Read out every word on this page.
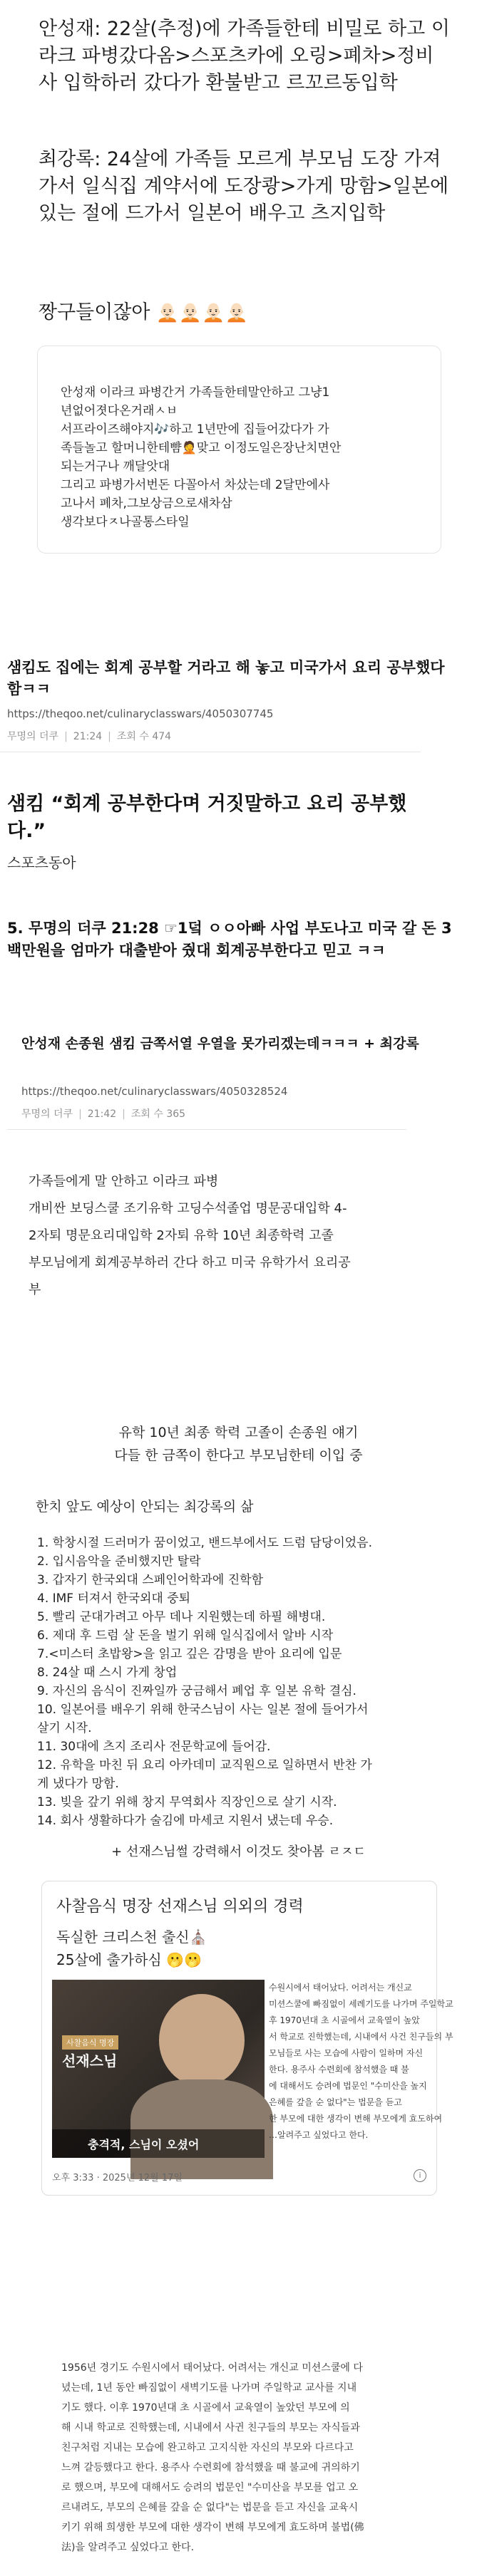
안성재: 22살(추정)에 가족들한테 비밀로 하고 이라크 파병갔다옴>스포츠카에 오링>폐차>정비사 입학하러 갔다가 환불받고 르꼬르동입학
최강록: 24살에 가족들 모르게 부모님 도장 가져가서 일식집 계약서에 도장쾅>가게 망함>일본에 있는 절에 드가서 일본어 배우고 츠지입학
짱구들이잖아 🧑🏻‍🦲🧑🏻‍🦲🧑🏻‍🦲🧑🏻‍🦲
안성재 이라크 파병간거 가족들한테말안하고 그냥1
년없어졋다온거래ㅅㅂ
서프라이즈해야지🎶하고 1년만에 집들어갔다가 가
족들놀고 할머니한테뺨🤦맞고 이정도일은장난치면안
되는거구나 깨달앗대
그리고 파병가서번돈 다꼴아서 차샀는데 2달만에사
고나서 폐차,그보상금으로새차삼
생각보다ㅈ나골통스타일
샘킴도 집에는 회계 공부할 거라고 해 놓고 미국가서 요리 공부했다 함ㅋㅋ
https://theqoo.net/culinaryclasswars/4050307745
무명의 더쿠 | 21:24 | 조회 수 474
샘킴 “회계 공부한다며 거짓말하고 요리 공부했다.”
스포츠동아
5. 무명의 더쿠 21:28 ☞1덬 ㅇㅇ아빠 사업 부도나고 미국 갈 돈 3백만원을 엄마가 대출받아 줬대 회계공부한다고 믿고 ㅋㅋ
안성재 손종원 샘킴 금쪽서열 우열을 못가리겠는데ㅋㅋㅋ + 최강록
https://theqoo.net/culinaryclasswars/4050328524
무명의 더쿠 | 21:42 | 조회 수 365
가족들에게 말 안하고 이라크 파병
개비싼 보딩스쿨 조기유학 고딩수석졸업 명문공대입학 4-
2자퇴 명문요리대입학 2자퇴 유학 10년 최종학력 고졸
부모님에게 회계공부하러 간다 하고 미국 유학가서 요리공
부
유학 10년 최종 학력 고졸이 손종원 얘기
다들 한 금쪽이 한다고 부모님한테 이입 중
한치 앞도 예상이 안되는 최강록의 삶
1. 학창시절 드러머가 꿈이었고, 밴드부에서도 드럼 담당이었음.
2. 입시음악을 준비했지만 탈락
3. 갑자기 한국외대 스페인어학과에 진학함
4. IMF 터져서 한국외대 중퇴
5. 빨리 군대가려고 아무 데나 지원했는데 하필 해병대.
6. 제대 후 드럼 살 돈을 벌기 위해 일식집에서 알바 시작
7.<미스터 초밥왕>을 읽고 깊은 감명을 받아 요리에 입문
8. 24살 때 스시 가게 창업
9. 자신의 음식이 진짜일까 궁금해서 폐업 후 일본 유학 결심.
10. 일본어를 배우기 위해 한국스님이 사는 일본 절에 들어가서
살기 시작.
11. 30대에 츠지 조리사 전문학교에 들어감.
12. 유학을 마친 뒤 요리 아카데미 교직원으로 일하면서 반찬 가
게 냈다가 망함.
13. 빚을 갚기 위해 창지 무역회사 직장인으로 살기 시작.
14. 회사 생활하다가 술김에 마세코 지원서 냈는데 우승.
+ 선재스님썰 강력해서 이것도 찾아봄 ㄹㅈㄷ
사찰음식 명장 선재스님 의외의 경력
독실한 크리스천 출신⛪
25살에 출가하심 🫢🫢
사찰음식 명장
선재스님
충격적, 스님이 오셨어
수원시에서 태어났다. 어려서는 개신교
미션스쿨에 빠짐없이 세례기도를 나가며 주일학교
후 1970년대 초 시골에서 교육열이 높았
서 학교로 진학했는데, 시내에서 사건 친구들의 부
모님들로 사는 모습에 사람이 일하며 자신
한다. 용주사 수련회에 참석했을 때 불
에 대해서도 승려에 법문인 "수미산을 높지
은혜를 갚을 순 없다"는 법문을 듣고
한 부모에 대한 생각이 변해 부모에게 효도하여
…알려주고 싶었다고 한다.
오후 3:33 · 2025년 12월 17일	i
1956년 경기도 수원시에서 태어났다. 어려서는 개신교 미션스쿨에 다
녔는데, 1년 동안 빠짐없이 새벽기도를 나가며 주일학교 교사를 지내
기도 했다. 이후 1970년대 초 시골에서 교육열이 높았던 부모에 의
해 시내 학교로 진학했는데, 시내에서 사귄 친구들의 부모는 자식들과
친구처럼 지내는 모습에 완고하고 고지식한 자신의 부모와 다르다고
느껴 갈등했다고 한다. 용주사 수련회에 참석했을 때 불교에 귀의하기
로 했으며, 부모에 대해서도 승려의 법문인 "수미산을 부모를 업고 오
르내려도, 부모의 은혜를 갚을 순 없다"는 법문을 듣고 자신을 교육시
키기 위해 희생한 부모에 대한 생각이 변해 부모에게 효도하며 불법(佛
法)을 알려주고 싶었다고 한다.
